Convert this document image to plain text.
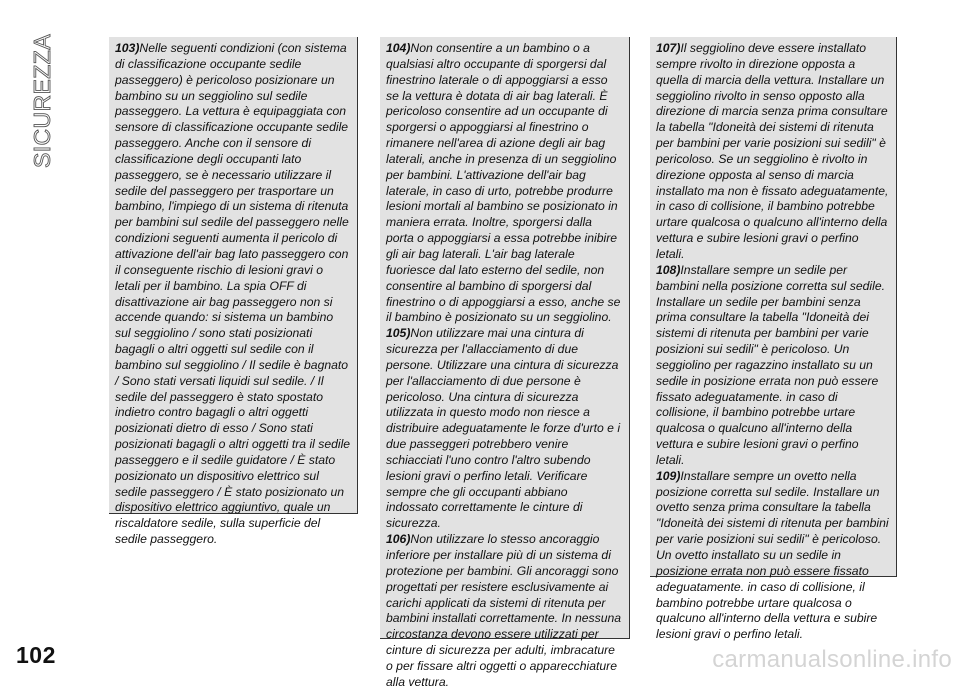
SICUREZZA	103)Nelle seguenti condizioni (con sistema di classificazione occupante sedile passeggero) è pericoloso posizionare un bambino su un seggiolino sul sedile passeggero. La vettura è equipaggiata con sensore di classificazione occupante sedile passeggero. Anche con il sensore di classificazione degli occupanti lato passeggero, se è necessario utilizzare il sedile del passeggero per trasportare un bambino, l'impiego di un sistema di ritenuta per bambini sul sedile del passeggero nelle condizioni seguenti aumenta il pericolo di attivazione dell'air bag lato passeggero con il conseguente rischio di lesioni gravi o letali per il bambino. La spia OFF di disattivazione air bag passeggero non si accende quando: si sistema un bambino sul seggiolino / sono stati posizionati bagagli o altri oggetti sul sedile con il bambino sul seggiolino / Il sedile è bagnato / Sono stati versati liquidi sul sedile. / Il sedile del passeggero è stato spostato indietro contro bagagli o altri oggetti posizionati dietro di esso / Sono stati posizionati bagagli o altri oggetti tra il sedile passeggero e il sedile guidatore / È stato posizionato un dispositivo elettrico sul sedile passeggero / È stato posizionato un dispositivo elettrico aggiuntivo, quale un riscaldatore sedile, sulla superficie del sedile passeggero.

104)Non consentire a un bambino o a qualsiasi altro occupante di sporgersi dal finestrino laterale o di appoggiarsi a esso se la vettura è dotata di air bag laterali. È pericoloso consentire ad un occupante di sporgersi o appoggiarsi al finestrino o rimanere nell'area di azione degli air bag laterali, anche in presenza di un seggiolino per bambini. L'attivazione dell'air bag laterale, in caso di urto, potrebbe produrre lesioni mortali al bambino se posizionato in maniera errata. Inoltre, sporgersi dalla porta o appoggiarsi a essa potrebbe inibire gli air bag laterali. L'air bag laterale fuoriesce dal lato esterno del sedile, non consentire al bambino di sporgersi dal finestrino o di appoggiarsi a esso, anche se il bambino è posizionato su un seggiolino.

105)Non utilizzare mai una cintura di sicurezza per l'allacciamento di due persone. Utilizzare una cintura di sicurezza per l'allacciamento di due persone è pericoloso. Una cintura di sicurezza utilizzata in questo modo non riesce a distribuire adeguatamente le forze d'urto e i due passeggeri potrebbero venire schiacciati l'uno contro l'altro subendo lesioni gravi o perfino letali. Verificare sempre che gli occupanti abbiano indossato correttamente le cinture di sicurezza.

106)Non utilizzare lo stesso ancoraggio inferiore per installare più di un sistema di protezione per bambini. Gli ancoraggi sono progettati per resistere esclusivamente ai carichi applicati da sistemi di ritenuta per bambini installati correttamente. In nessuna circostanza devono essere utilizzati per cinture di sicurezza per adulti, imbracature o per fissare altri oggetti o apparecchiature alla vettura.

107)Il seggiolino deve essere installato sempre rivolto in direzione opposta a quella di marcia della vettura. Installare un seggiolino rivolto in senso opposto alla direzione di marcia senza prima consultare la tabella "Idoneità dei sistemi di ritenuta per bambini per varie posizioni sui sedili" è pericoloso. Se un seggiolino è rivolto in direzione opposta al senso di marcia installato ma non è fissato adeguatamente, in caso di collisione, il bambino potrebbe urtare qualcosa o qualcuno all'interno della vettura e subire lesioni gravi o perfino letali.

108)Installare sempre un sedile per bambini nella posizione corretta sul sedile. Installare un sedile per bambini senza prima consultare la tabella "Idoneità dei sistemi di ritenuta per bambini per varie posizioni sui sedili" è pericoloso. Un seggiolino per ragazzino installato su un sedile in posizione errata non può essere fissato adeguatamente. in caso di collisione, il bambino potrebbe urtare qualcosa o qualcuno all'interno della vettura e subire lesioni gravi o perfino letali.

109)Installare sempre un ovetto nella posizione corretta sul sedile. Installare un ovetto senza prima consultare la tabella "Idoneità dei sistemi di ritenuta per bambini per varie posizioni sui sedili" è pericoloso. Un ovetto installato su un sedile in posizione errata non può essere fissato adeguatamente. in caso di collisione, il bambino potrebbe urtare qualcosa o qualcuno all'interno della vettura e subire lesioni gravi o perfino letali.

102	carmanualsonline.info
